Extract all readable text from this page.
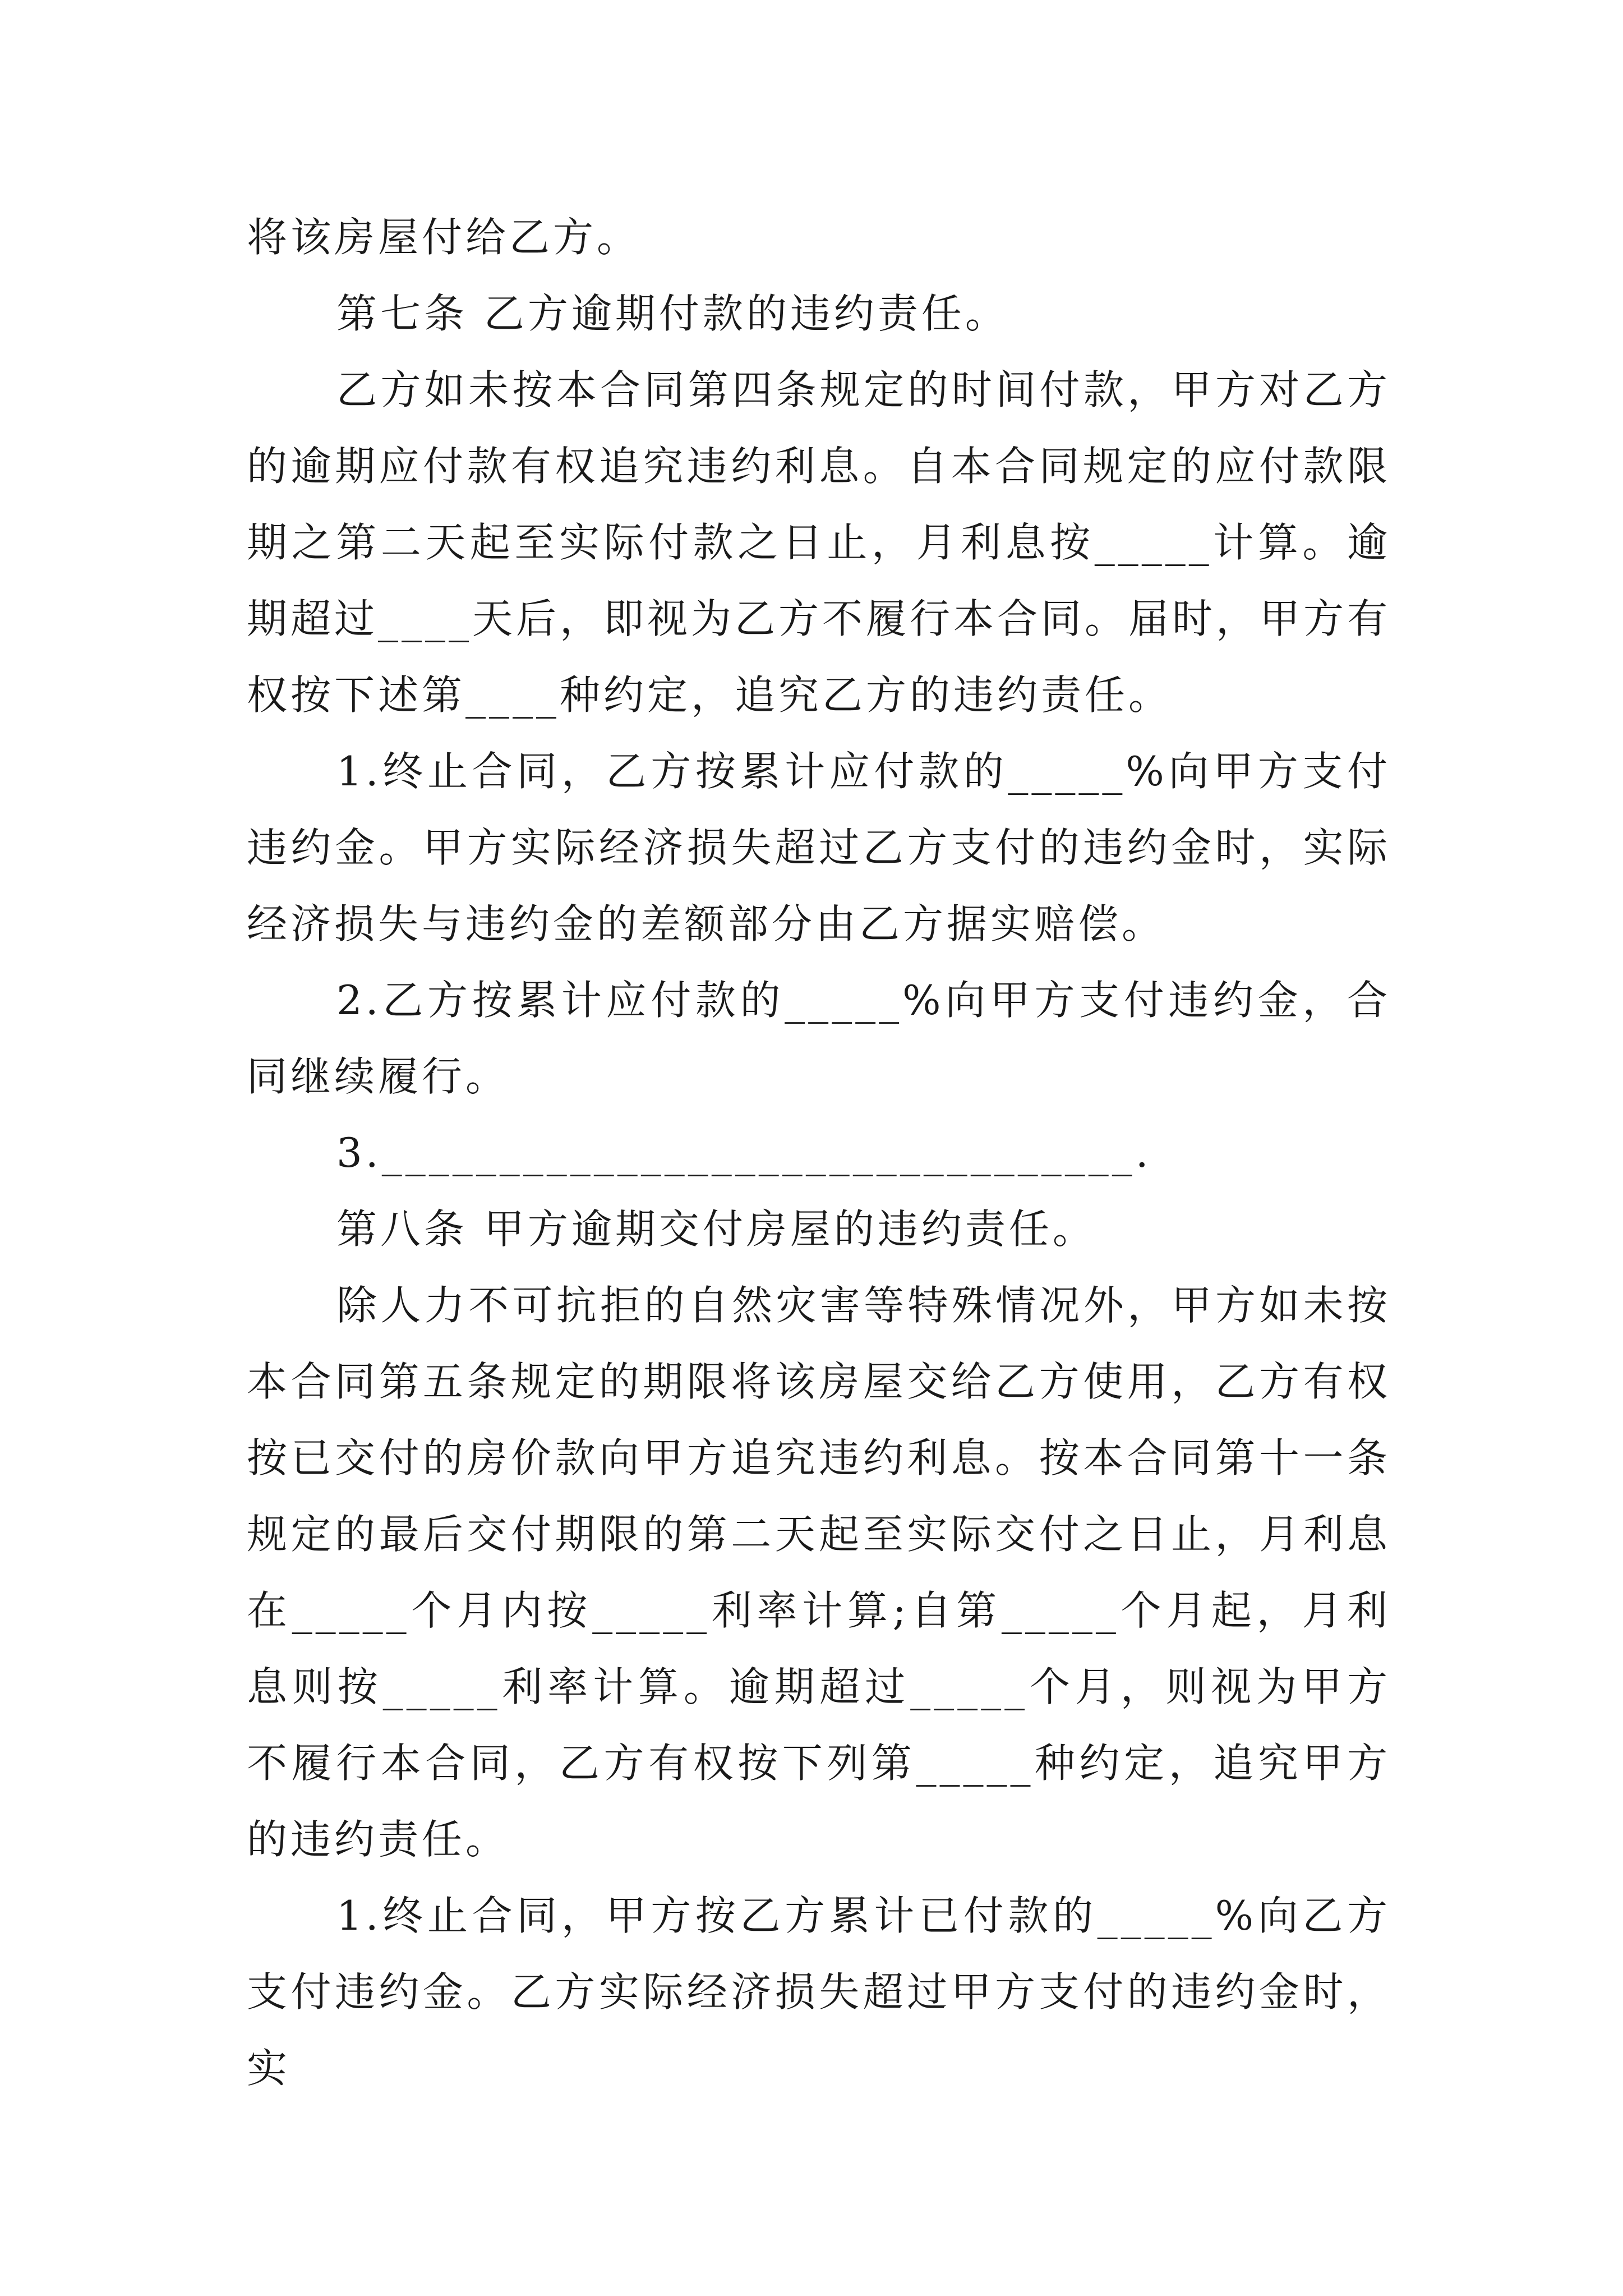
将该房屋付给乙方。

第七条 乙方逾期付款的违约责任。

乙方如未按本合同第四条规定的时间付款，甲方对乙方的逾期应付款有权追究违约利息。自本合同规定的应付款限期之第二天起至实际付款之日止，月利息按_____计算。逾期超过____天后，即视为乙方不履行本合同。届时，甲方有权按下述第____种约定，追究乙方的违约责任。

1.终止合同，乙方按累计应付款的_____%向甲方支付违约金。甲方实际经济损失超过乙方支付的违约金时，实际经济损失与违约金的差额部分由乙方据实赔偿。

2.乙方按累计应付款的_____%向甲方支付违约金，合同继续履行。

3.________________________________.

第八条 甲方逾期交付房屋的违约责任。

除人力不可抗拒的自然灾害等特殊情况外，甲方如未按本合同第五条规定的期限将该房屋交给乙方使用，乙方有权按已交付的房价款向甲方追究违约利息。按本合同第十一条规定的最后交付期限的第二天起至实际交付之日止，月利息在_____个月内按_____利率计算;自第_____个月起，月利息则按_____利率计算。逾期超过_____个月，则视为甲方不履行本合同，乙方有权按下列第_____种约定，追究甲方的违约责任。

1.终止合同，甲方按乙方累计已付款的_____%向乙方支付违约金。乙方实际经济损失超过甲方支付的违约金时，实
